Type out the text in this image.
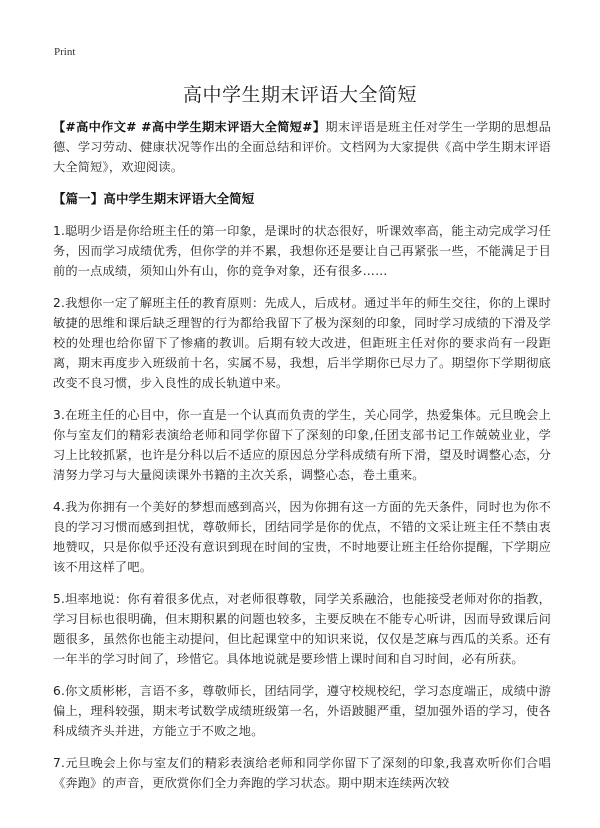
Print
高中学生期末评语大全简短

【#高中作文# #高中学生期末评语大全简短#】期末评语是班主任对学生一学期的思想品德、学习劳动、健康状况等作出的全面总结和评价。文档网为大家提供《高中学生期末评语大全简短》，欢迎阅读。

【篇一】高中学生期末评语大全简短

1.聪明少语是你给班主任的第一印象，是课时的状态很好，听课效率高，能主动完成学习任务，因而学习成绩优秀，但你学的并不累，我想你还是要让自己再紧张一些，不能满足于目前的一点成绩，须知山外有山，你的竞争对象，还有很多……

2.我想你一定了解班主任的教育原则：先成人，后成材。通过半年的师生交往，你的上课时敏捷的思维和课后缺乏理智的行为都给我留下了极为深刻的印象，同时学习成绩的下滑及学校的处理也给你留下了惨痛的教训。后期有较大改进，但距班主任对你的要求尚有一段距离，期末再度步入班级前十名，实属不易，我想，后半学期你已尽力了。期望你下学期彻底改变不良习惯，步入良性的成长轨道中来。

3.在班主任的心目中，你一直是一个认真而负责的学生，关心同学，热爱集体。元旦晚会上你与室友们的精彩表演给老师和同学你留下了深刻的印象,任团支部书记工作兢兢业业，学习上比较抓紧，也许是分科以后不适应的原因总分学科成绩有所下滑，望及时调整心态，分清努力学习与大量阅读课外书籍的主次关系，调整心态，卷土重来。

4.我为你拥有一个美好的梦想而感到高兴，因为你拥有这一方面的先天条件，同时也为你不良的学习习惯而感到担忧，尊敬师长，团结同学是你的优点，不错的文采让班主任不禁由衷地赞叹，只是你似乎还没有意识到现在时间的宝贵，不时地要让班主任给你提醒，下学期应该不用这样了吧。

5.坦率地说：你有着很多优点，对老师很尊敬，同学关系融洽，也能接受老师对你的指教，学习目标也很明确，但末期积累的问题也较多，主要反映在不能专心听讲，因而导致课后问题很多，虽然你也能主动提问，但比起课堂中的知识来说，仅仅是芝麻与西瓜的关系。还有一年半的学习时间了，珍惜它。具体地说就是要珍惜上课时间和自习时间，必有所获。

6.你文质彬彬，言语不多，尊敬师长，团结同学，遵守校规校纪，学习态度端正，成绩中游偏上，理科较强，期末考试数学成绩班级第一名，外语跛腿严重，望加强外语的学习，使各科成绩齐头并进，方能立于不败之地。

7.元旦晚会上你与室友们的精彩表演给老师和同学你留下了深刻的印象,我喜欢听你们合唱《奔跑》的声音，更欣赏你们全力奔跑的学习状态。期中期末连续两次较
